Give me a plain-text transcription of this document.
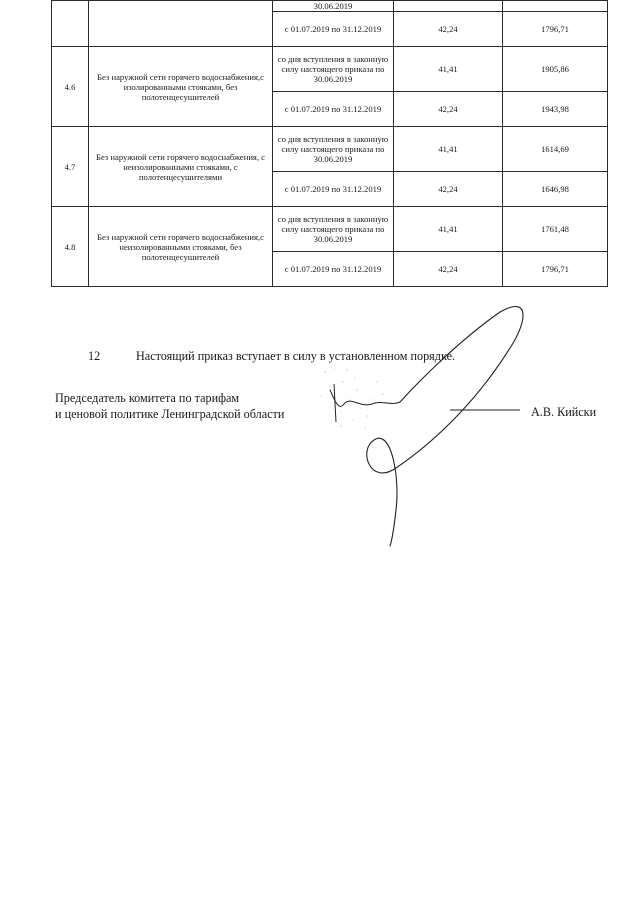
		30.06.2019		
		с 01.07.2019 по 31.12.2019	42,24	1796,71
4.6	Без наружной сети горячего водоснабжения,с изолированными стояками, без полотенцесушителей	со дня вступления в законную силу настоящего приказа по 30.06.2019	41,41	1905,86
		с 01.07.2019 по 31.12.2019	42,24	1943,98
4.7	Без наружной сети горячего водоснабжения, с неизолированными стояками, с полотенцесушителями	со дня вступления в законную силу настоящего приказа по 30.06.2019	41,41	1614,69
		с 01.07.2019 по 31.12.2019	42,24	1646,98
4.8	Без наружной сети горячего водоснабжения,с неизолированными стояками, без полотенцесушителей	со дня вступления в законную силу настоящего приказа по 30.06.2019	41,41	1761,48
		с 01.07.2019 по 31.12.2019	42,24	1796,71
12	Настоящий приказ вступает в силу в установленном порядке.
Председатель комитета по тарифам
и ценовой политике Ленинградской области	А.В. Кийски
